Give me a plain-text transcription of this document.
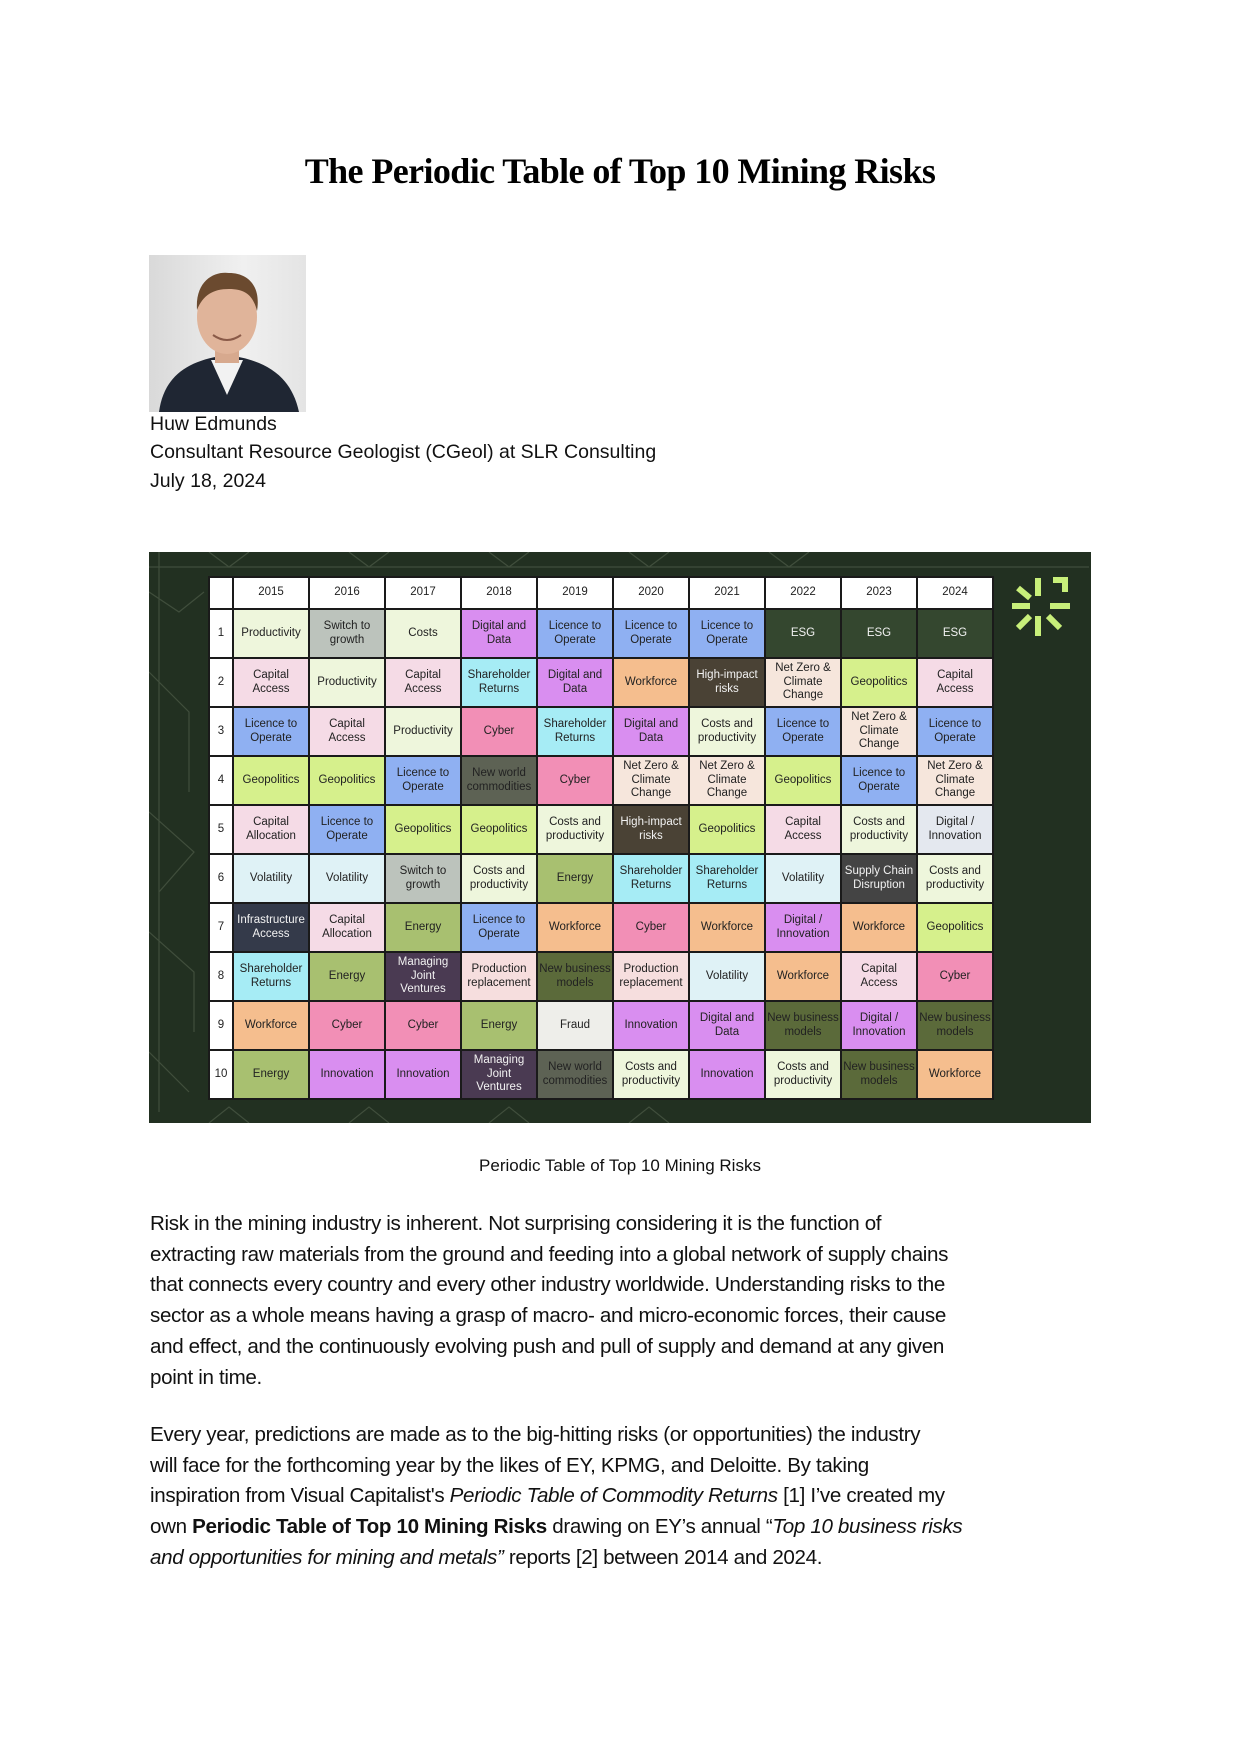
The Periodic Table of Top 10 Mining Risks
Huw Edmunds
Consultant Resource Geologist (CGeol) at SLR Consulting
July 18, 2024
	2015	2016	2017	2018	2019	2020	2021	2022	2023	2024
1	Productivity	Switch to
growth	Costs	Digital and
Data	Licence to
Operate	Licence to
Operate	Licence to
Operate	ESG	ESG	ESG
2	Capital
Access	Productivity	Capital
Access	Shareholder
Returns	Digital and
Data	Workforce	High-impact
risks	Net Zero &
Climate
Change	Geopolitics	Capital
Access
3	Licence to
Operate	Capital
Access	Productivity	Cyber	Shareholder
Returns	Digital and
Data	Costs and
productivity	Licence to
Operate	Net Zero &
Climate
Change	Licence to
Operate
4	Geopolitics	Geopolitics	Licence to
Operate	New world
commodities	Cyber	Net Zero &
Climate
Change	Net Zero &
Climate
Change	Geopolitics	Licence to
Operate	Net Zero &
Climate
Change
5	Capital
Allocation	Licence to
Operate	Geopolitics	Geopolitics	Costs and
productivity	High-impact
risks	Geopolitics	Capital
Access	Costs and
productivity	Digital /
Innovation
6	Volatility	Volatility	Switch to
growth	Costs and
productivity	Energy	Shareholder
Returns	Shareholder
Returns	Volatility	Supply Chain
Disruption	Costs and
productivity
7	Infrastructure
Access	Capital
Allocation	Energy	Licence to
Operate	Workforce	Cyber	Workforce	Digital /
Innovation	Workforce	Geopolitics
8	Shareholder
Returns	Energy	Managing
Joint
Ventures	Production
replacement	New business
models	Production
replacement	Volatility	Workforce	Capital
Access	Cyber
9	Workforce	Cyber	Cyber	Energy	Fraud	Innovation	Digital and
Data	New business
models	Digital /
Innovation	New business
models
10	Energy	Innovation	Innovation	Managing
Joint
Ventures	New world
commodities	Costs and
productivity	Innovation	Costs and
productivity	New business
models	Workforce
Periodic Table of Top 10 Mining Risks
Risk in the mining industry is inherent. Not surprising considering it is the function of
extracting raw materials from the ground and feeding into a global network of supply chains
that connects every country and every other industry worldwide. Understanding risks to the
sector as a whole means having a grasp of macro- and micro-economic forces, their cause
and effect, and the continuously evolving push and pull of supply and demand at any given
point in time.
Every year, predictions are made as to the big-hitting risks (or opportunities) the industry
will face for the forthcoming year by the likes of EY, KPMG, and Deloitte. By taking
inspiration from Visual Capitalist's Periodic Table of Commodity Returns [1] I’ve created my
own Periodic Table of Top 10 Mining Risks drawing on EY’s annual “Top 10 business risks
and opportunities for mining and metals” reports [2] between 2014 and 2024.
